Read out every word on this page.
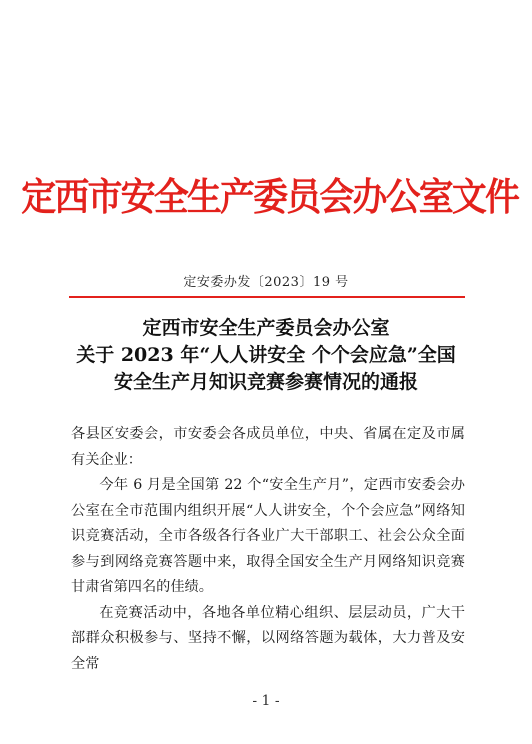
定西市安全生产委员会办公室文件
定安委办发〔2023〕19 号
定西市安全生产委员会办公室
关于 2023 年“人人讲安全 个个会应急”全国
安全生产月知识竞赛参赛情况的通报

各县区安委会，市安委会各成员单位，中央、省属在定及市属有关企业：

今年 6 月是全国第 22 个“安全生产月”，定西市安委会办公室在全市范围内组织开展“人人讲安全，个个会应急”网络知识竞赛活动，全市各级各行各业广大干部职工、社会公众全面参与到网络竞赛答题中来，取得全国安全生产月网络知识竞赛甘肃省第四名的佳绩。

在竞赛活动中，各地各单位精心组织、层层动员，广大干部群众积极参与、坚持不懈，以网络答题为载体，大力普及安全常

- 1 -
